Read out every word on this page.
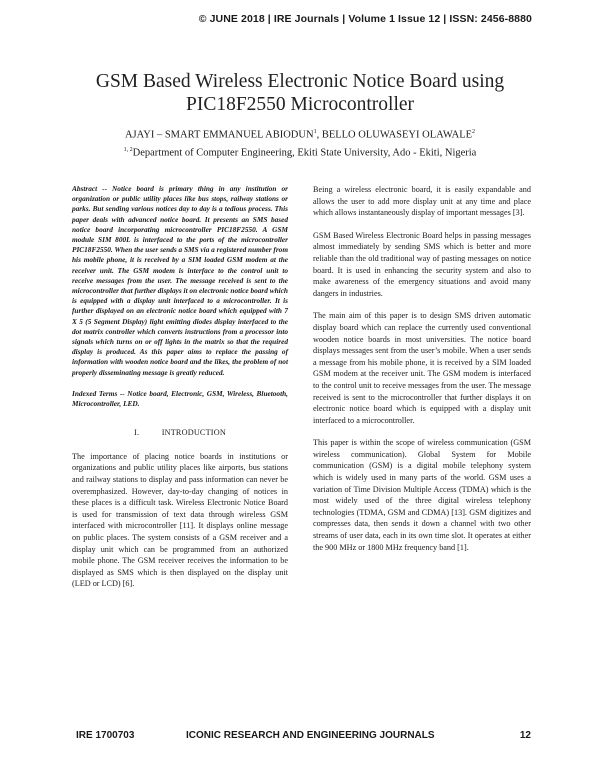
© JUNE 2018 | IRE Journals | Volume 1 Issue 12 | ISSN: 2456-8880
GSM Based Wireless Electronic Notice Board using
PIC18F2550 Microcontroller
AJAYI – SMART EMMANUEL ABIODUN$^1$, BELLO OLUWASEYI OLAWALE$^2$
$^{1, 2}$Department of Computer Engineering, Ekiti State University, Ado - Ekiti, Nigeria

Abstract -- Notice board is primary thing in any institution or organization or public utility places like bus stops, railway stations or parks. But sending various notices day to day is a tedious process. This paper deals with advanced notice board. It presents an SMS based notice board incorporating microcontroller PIC18F2550. A GSM module SIM 800L is interfaced to the ports of the microcontroller PIC18F2550. When the user sends a SMS via a registered number from his mobile phone, it is received by a SIM loaded GSM modem at the receiver unit. The GSM modem is interface to the control unit to receive messages from the user. The message received is sent to the microcontroller that further displays it on electronic notice board which is equipped with a display unit interfaced to a microcontroller. It is further displayed on an electronic notice board which equipped with 7 X 5 (5 Segment Display) light emitting diodes display interfaced to the dot matrix controller which converts instructions from a processor into signals which turns on or off lights in the matrix so that the required display is produced. As this paper aims to replace the passing of information with wooden notice board and the likes, the problem of not properly disseminating message is greatly reduced.

Indexed Terms -- Notice board, Electronic, GSM, Wireless, Bluetooth, Microcontroller, LED.

I.	INTRODUCTION

The importance of placing notice boards in institutions or organizations and public utility places like airports, bus stations and railway stations to display and pass information can never be overemphasized. However, day-to-day changing of notices in these places is a difficult task. Wireless Electronic Notice Board is used for transmission of text data through wireless GSM interfaced with microcontroller [11]. It displays online message on public places. The system consists of a GSM receiver and a display unit which can be programmed from an authorized mobile phone. The GSM receiver receives the information to be displayed as SMS which is then displayed on the display unit (LED or LCD) [6].

Being a wireless electronic board, it is easily expandable and allows the user to add more display unit at any time and place which allows instantaneously display of important messages [3].

GSM Based Wireless Electronic Board helps in passing messages almost immediately by sending SMS which is better and more reliable than the old traditional way of pasting messages on notice board. It is used in enhancing the security system and also to make awareness of the emergency situations and avoid many dangers in industries.

The main aim of this paper is to design SMS driven automatic display board which can replace the currently used conventional wooden notice boards in most universities. The notice board displays messages sent from the user’s mobile. When a user sends a message from his mobile phone, it is received by a SIM loaded GSM modem at the receiver unit. The GSM modem is interfaced to the control unit to receive messages from the user. The message received is sent to the microcontroller that further displays it on electronic notice board which is equipped with a display unit interfaced to a microcontroller.

This paper is within the scope of wireless communication (GSM wireless communication). Global System for Mobile communication (GSM) is a digital mobile telephony system which is widely used in many parts of the world. GSM uses a variation of Time Division Multiple Access (TDMA) which is the most widely used of the three digital wireless telephony technologies (TDMA, GSM and CDMA) [13]. GSM digitizes and compresses data, then sends it down a channel with two other streams of user data, each in its own time slot. It operates at either the 900 MHz or 1800 MHz frequency band [1].

IRE 1700703	ICONIC RESEARCH AND ENGINEERING JOURNALS	12
